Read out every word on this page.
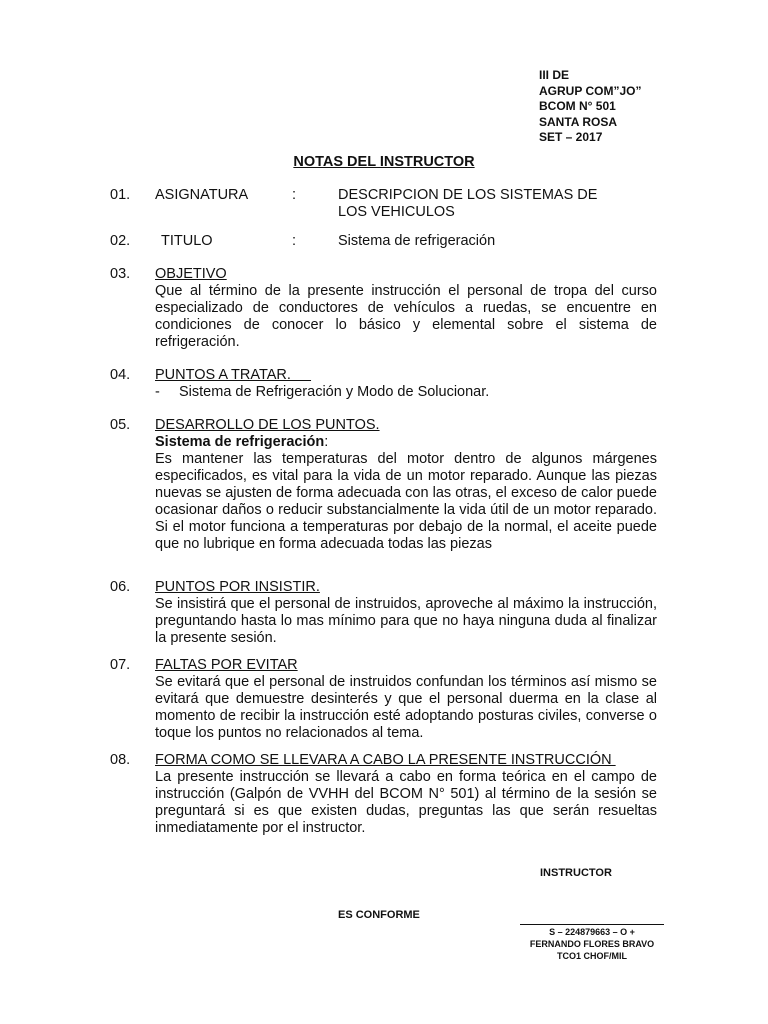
III DE
AGRUP COM”JO”
BCOM N° 501
SANTA ROSA
SET – 2017
NOTAS DEL INSTRUCTOR
01. ASIGNATURA	:	DESCRIPCION DE LOS SISTEMAS DE
LOS VEHICULOS
02. TITULO	:	Sistema de refrigeración
03. OBJETIVO
Que al término de la presente instrucción el personal de tropa del curso especializado de conductores de vehículos a ruedas, se encuentre en condiciones de conocer lo básico y elemental sobre el sistema de refrigeración.
04. PUNTOS A TRATAR.
- Sistema de Refrigeración y Modo de Solucionar.
05. DESARROLLO DE LOS PUNTOS.
Sistema de refrigeración:
Es mantener las temperaturas del motor dentro de algunos márgenes especificados, es vital para la vida de un motor reparado. Aunque las piezas nuevas se ajusten de forma adecuada con las otras, el exceso de calor puede ocasionar daños o reducir substancialmente la vida útil de un motor reparado. Si el motor funciona a temperaturas por debajo de la normal, el aceite puede que no lubrique en forma adecuada todas las piezas
06. PUNTOS POR INSISTIR.
Se insistirá que el personal de instruidos, aproveche al máximo la instrucción, preguntando hasta lo mas mínimo para que no haya ninguna duda al finalizar la presente sesión.
07. FALTAS POR EVITAR
Se evitará que el personal de instruidos confundan los términos así mismo se evitará que demuestre desinterés y que el personal duerma en la clase al momento de recibir la instrucción esté adoptando posturas civiles, converse o toque los puntos no relacionados al tema.
08. FORMA COMO SE LLEVARA A CABO LA PRESENTE INSTRUCCIÓN
La presente instrucción se llevará a cabo en forma teórica en el campo de instrucción (Galpón de VVHH del BCOM N° 501) al término de la sesión se preguntará si es que existen dudas, preguntas las que serán resueltas inmediatamente por el instructor.
INSTRUCTOR
ES CONFORME
S – 224879663 – O +
FERNANDO FLORES BRAVO
TCO1 CHOF/MIL
